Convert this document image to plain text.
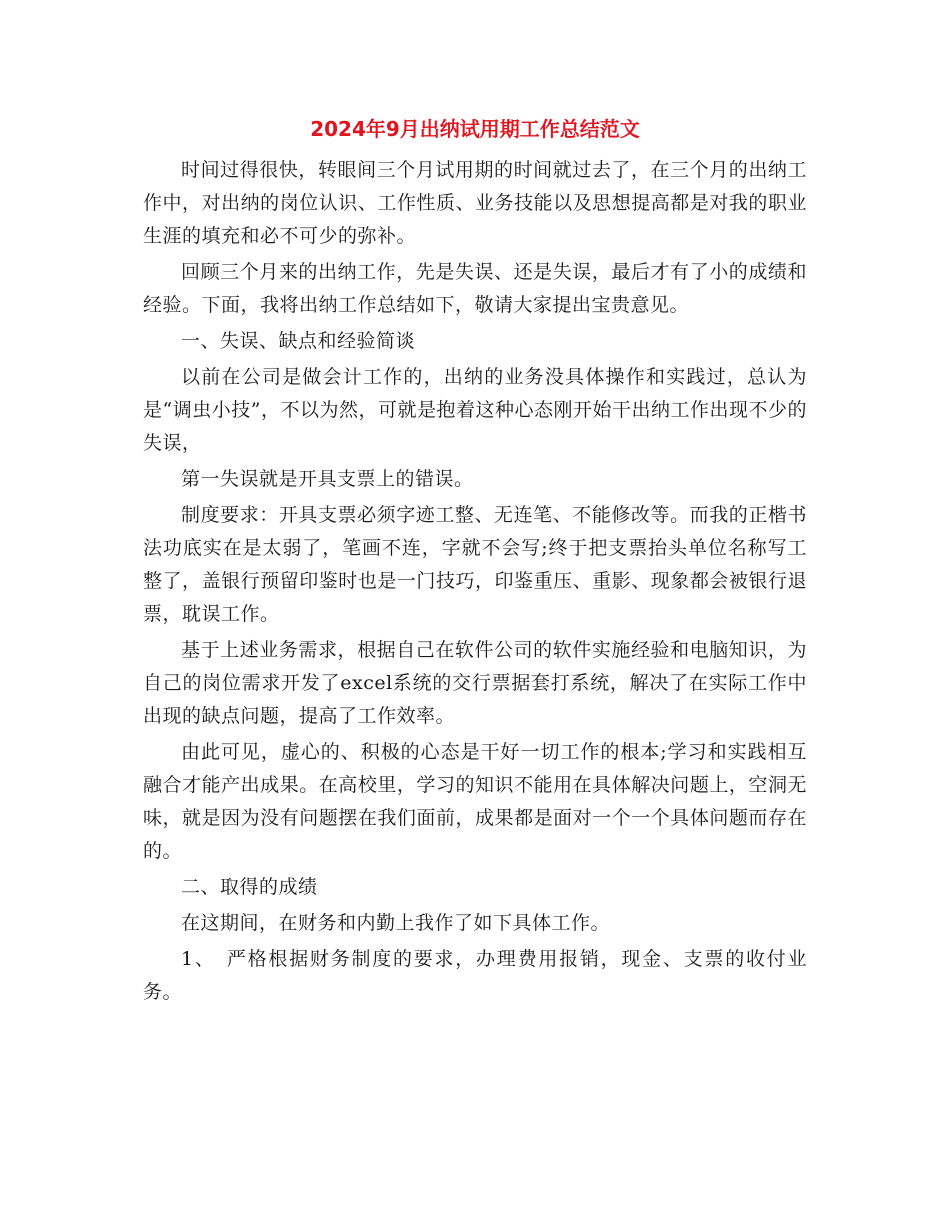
2024年9月出纳试用期工作总结范文

时间过得很快，转眼间三个月试用期的时间就过去了，在三个月的出纳工作中，对出纳的岗位认识、工作性质、业务技能以及思想提高都是对我的职业生涯的填充和必不可少的弥补。

回顾三个月来的出纳工作，先是失误、还是失误，最后才有了小的成绩和经验。下面，我将出纳工作总结如下，敬请大家提出宝贵意见。

一、失误、缺点和经验简谈

以前在公司是做会计工作的，出纳的业务没具体操作和实践过，总认为是“调虫小技”，不以为然，可就是抱着这种心态刚开始干出纳工作出现不少的失误，

第一失误就是开具支票上的错误。

制度要求：开具支票必须字迹工整、无连笔、不能修改等。而我的正楷书法功底实在是太弱了，笔画不连，字就不会写;终于把支票抬头单位名称写工整了，盖银行预留印鉴时也是一门技巧，印鉴重压、重影、现象都会被银行退票，耽误工作。

基于上述业务需求，根据自己在软件公司的软件实施经验和电脑知识，为自己的岗位需求开发了excel系统的交行票据套打系统，解决了在实际工作中出现的缺点问题，提高了工作效率。

由此可见，虚心的、积极的心态是干好一切工作的根本;学习和实践相互融合才能产出成果。在高校里，学习的知识不能用在具体解决问题上，空洞无味，就是因为没有问题摆在我们面前，成果都是面对一个一个具体问题而存在的。

二、取得的成绩

在这期间，在财务和内勤上我作了如下具体工作。

1、　严格根据财务制度的要求，办理费用报销，现金、支票的收付业务。
